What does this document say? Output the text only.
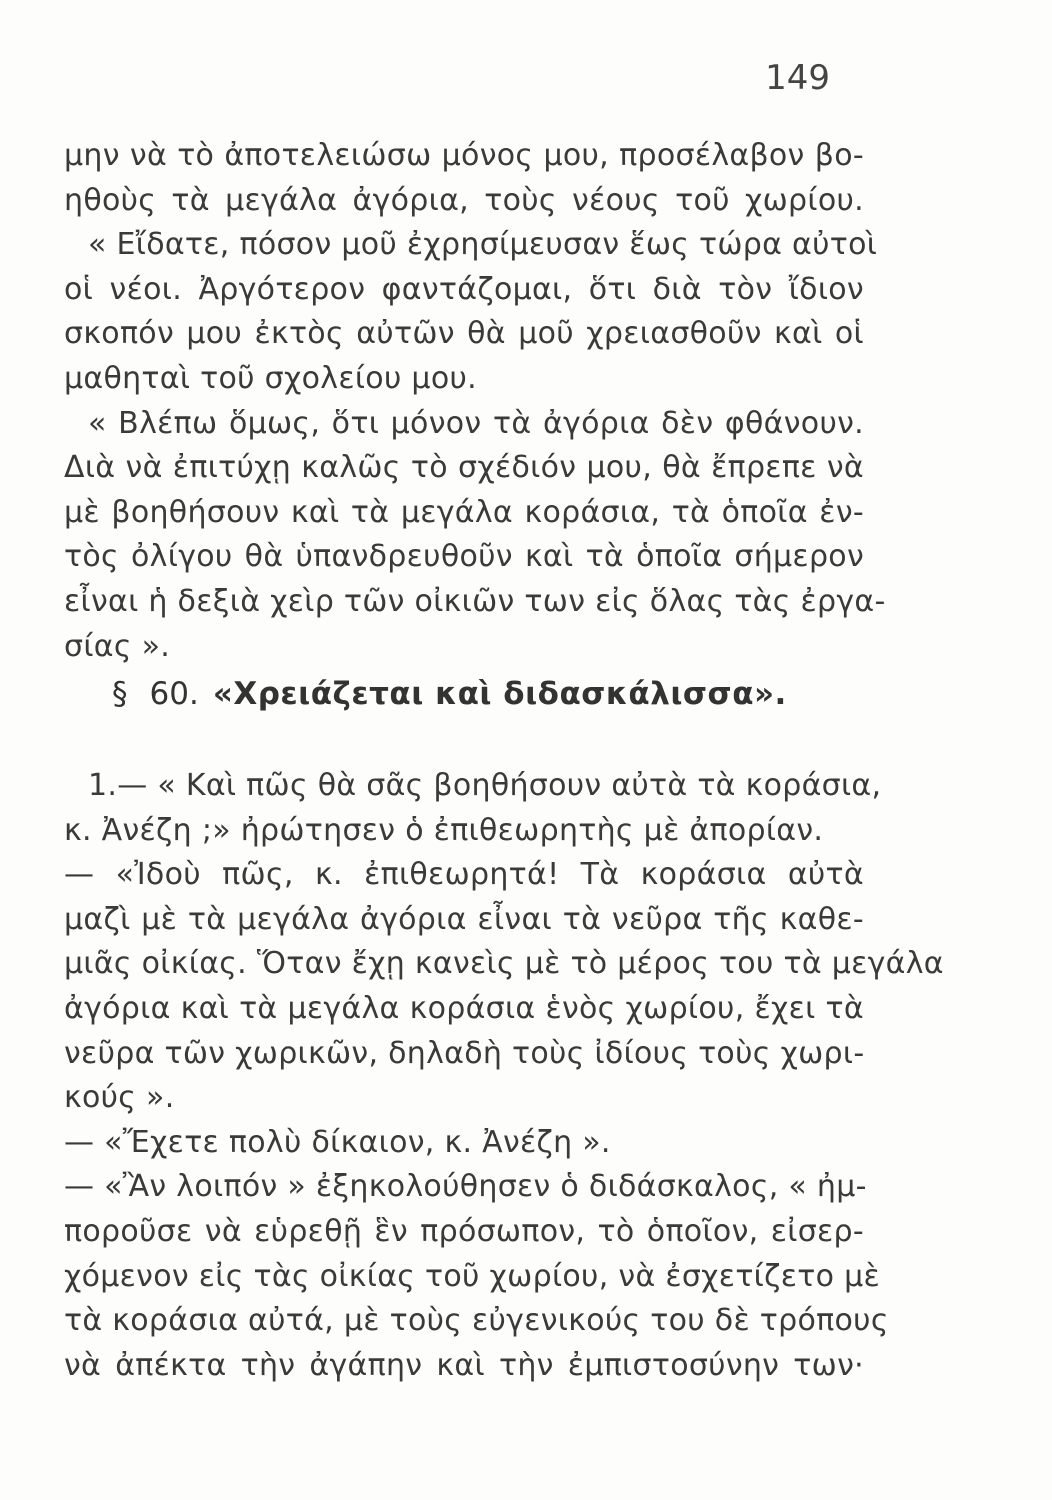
149
μην νὰ τὸ ἀποτελειώσω μόνος μου, προσέλαβον βο-
ηθοὺς τὰ μεγάλα ἀγόρια, τοὺς νέους τοῦ χωρίου.
« Εἴδατε, πόσον μοῦ ἐχρησίμευσαν ἕως τώρα αὐτοὶ
οἱ νέοι. Ἀργότερον φαντάζομαι, ὅτι διὰ τὸν ἴδιον
σκοπόν μου ἐκτὸς αὐτῶν θὰ μοῦ χρειασθοῦν καὶ οἱ
μαθηταὶ τοῦ σχολείου μου.
« Βλέπω ὅμως, ὅτι μόνον τὰ ἀγόρια δὲν φθάνουν.
Διὰ νὰ ἐπιτύχῃ καλῶς τὸ σχέδιόν μου, θὰ ἔπρεπε νὰ
μὲ βοηθήσουν καὶ τὰ μεγάλα κοράσια, τὰ ὁποῖα ἐν-
τὸς ὀλίγου θὰ ὑπανδρευθοῦν καὶ τὰ ὁποῖα σήμερον
εἶναι ἡ δεξιὰ χεὶρ τῶν οἰκιῶν των εἰς ὅλας τὰς ἐργα-
σίας ».
§ 60. «Χρειάζεται καὶ διδασκάλισσα».
1.— « Καὶ πῶς θὰ σᾶς βοηθήσουν αὐτὰ τὰ κοράσια,
κ. Ἀνέζη ;» ἠρώτησεν ὁ ἐπιθεωρητὴς μὲ ἀπορίαν.
— «Ἰδοὺ πῶς, κ. ἐπιθεωρητά! Τὰ κοράσια αὐτὰ
μαζὶ μὲ τὰ μεγάλα ἀγόρια εἶναι τὰ νεῦρα τῆς καθε-
μιᾶς οἰκίας. Ὅταν ἔχῃ κανεὶς μὲ τὸ μέρος του τὰ μεγάλα
ἀγόρια καὶ τὰ μεγάλα κοράσια ἑνὸς χωρίου, ἔχει τὰ
νεῦρα τῶν χωρικῶν, δηλαδὴ τοὺς ἰδίους τοὺς χωρι-
κούς ».
— «Ἔχετε πολὺ δίκαιον, κ. Ἀνέζη ».
— «Ἂν λοιπόν » ἐξηκολούθησεν ὁ διδάσκαλος, « ἠμ-
ποροῦσε νὰ εὑρεθῇ ἓν πρόσωπον, τὸ ὁποῖον, εἰσερ-
χόμενον εἰς τὰς οἰκίας τοῦ χωρίου, νὰ ἐσχετίζετο μὲ
τὰ κοράσια αὐτά, μὲ τοὺς εὐγενικούς του δὲ τρόπους
νὰ ἀπέκτα τὴν ἀγάπην καὶ τὴν ἐμπιστοσύνην των·
